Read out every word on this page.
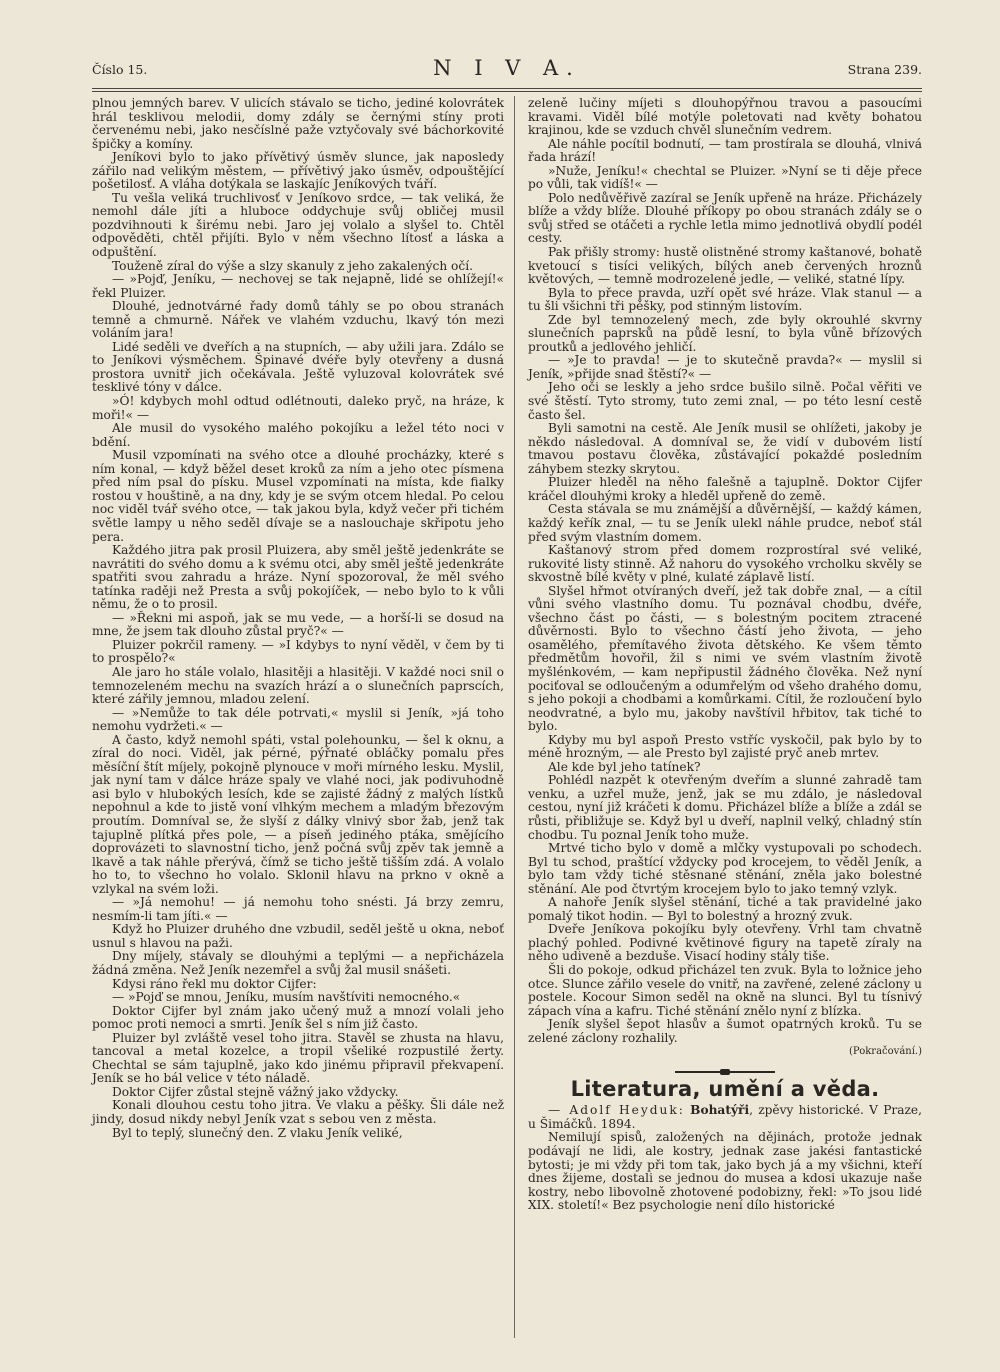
Číslo 15.	N I V A.	Strana 239.

plnou jemných barev. V ulicích stávalo se ticho, jediné kolovrátek hrál tesklivou melodii, domy zdály se černými stíny proti červenému nebi, jako nesčíslné paže vztyčovaly své báchorkovité špičky a komíny.

Jeníkovi bylo to jako přívětivý úsměv slunce, jak naposledy zářilo nad velikým městem, — přívětivý jako úsměv, odpouštějící pošetilosť. A vláha dotýkala se laskajíc Jeníkových tváří.

Tu vešla veliká truchlivosť v Jeníkovo srdce, — tak veliká, že nemohl dále jíti a hluboce oddychuje svůj obličej musil pozdvihnouti k širému nebi. Jaro jej volalo a slyšel to. Chtěl odpověděti, chtěl přijíti. Bylo v něm všechno lítosť a láska a odpuštění.

Touženě zíral do výše a slzy skanuly z jeho zakalených očí.

— »Pojď, Jeníku, — nechovej se tak nejapně, lidé se ohlížejí!« řekl Pluizer.

Dlouhé, jednotvárné řady domů táhly se po obou stranách temně a chmurně. Nářek ve vlahém vzduchu, lkavý tón mezi voláním jara!

Lidé seděli ve dveřích a na stupních, — aby užili jara. Zdálo se to Jeníkovi výsměchem. Špinavé dvéře byly otevřeny a dusná prostora uvnitř jich očekávala. Ještě vyluzoval kolovrátek své tesklivé tóny v dálce.

»Ó! kdybych mohl odtud odlétnouti, daleko pryč, na hráze, k moři!« —

Ale musil do vysokého malého pokojíku a ležel této noci v bdění.

Musil vzpomínati na svého otce a dlouhé procházky, které s ním konal, — když běžel deset kroků za ním a jeho otec písmena před ním psal do písku. Musel vzpomínati na místa, kde fialky rostou v houštině, a na dny, kdy je se svým otcem hledal. Po celou noc viděl tvář svého otce, — tak jakou byla, když večer při tichém světle lampy u něho seděl dívaje se a naslouchaje skřipotu jeho pera.

Každého jitra pak prosil Pluizera, aby směl ještě jedenkráte se navrátiti do svého domu a k svému otci, aby směl ještě jedenkráte spatřiti svou zahradu a hráze. Nyní spozoroval, že měl svého tatínka raději než Presta a svůj pokojíček, — nebo bylo to k vůli němu, že o to prosil.

— »Řekni mi aspoň, jak se mu vede, — a horší-li se dosud na mne, že jsem tak dlouho zůstal pryč?« —

Pluizer pokrčil rameny. — »I kdybys to nyní věděl, v čem by ti to prospělo?«

Ale jaro ho stále volalo, hlasitěji a hlasitěji. V každé noci snil o temnozeleném mechu na svazích hrází a o slunečních paprscích, které zářily jemnou, mladou zelení.

— »Nemůže to tak déle potrvati,« myslil si Jeník, »já toho nemohu vydržeti.« —

A často, když nemohl spáti, vstal polehounku, — šel k oknu, a zíral do noci. Viděl, jak pérné, pýřnaté obláčky pomalu přes měsíční štít míjely, pokojně plynouce v moři mírného lesku. Myslil, jak nyní tam v dálce hráze spaly ve vlahé noci, jak podivuhodně asi bylo v hlubokých lesích, kde se zajisté žádný z malých lístků nepohnul a kde to jistě voní vlhkým mechem a mladým březovým proutím. Domníval se, že slyší z dálky vlnivý sbor žab, jenž tak tajuplně plítká přes pole, — a píseň jediného ptáka, smějícího doprovázeti to slavnostní ticho, jenž počná svůj zpěv tak jemně a lkavě a tak náhle přerývá, čímž se ticho ještě tišším zdá. A volalo ho to, to všechno ho volalo. Sklonil hlavu na prkno v okně a vzlykal na svém loži.

— »Já nemohu! — já nemohu toho snésti. Já brzy zemru, nesmím-li tam jíti.« —

Když ho Pluizer druhého dne vzbudil, seděl ještě u okna, neboť usnul s hlavou na paži.

Dny míjely, stávaly se dlouhými a teplými — a nepřicházela žádná změna. Než Jeník nezemřel a svůj žal musil snášeti.

Kdysi ráno řekl mu doktor Cijfer:

— »Pojď se mnou, Jeníku, musím navštíviti nemocného.«

Doktor Cijfer byl znám jako učený muž a mnozí volali jeho pomoc proti nemoci a smrti. Jeník šel s ním již často.

Pluizer byl zvláště vesel toho jitra. Stavěl se zhusta na hlavu, tancoval a metal kozelce, a tropil všeliké rozpustilé žerty. Chechtal se sám tajuplně, jako kdo jinému připravil překvapení. Jeník se ho bál velice v této náladě.

Doktor Cijfer zůstal stejně vážný jako vždycky.

Konali dlouhou cestu toho jitra. Ve vlaku a pěšky. Šli dále než jindy, dosud nikdy nebyl Jeník vzat s sebou ven z města.

Byl to teplý, slunečný den. Z vlaku Jeník veliké,

zeleně lučiny míjeti s dlouhopýřnou travou a pasoucími kravami. Viděl bílé motýle poletovati nad květy bohatou krajinou, kde se vzduch chvěl slunečním vedrem.

Ale náhle pocítil bodnutí, — tam prostírala se dlouhá, vlnivá řada hrází!

»Nuže, Jeníku!« chechtal se Pluizer. »Nyní se ti děje přece po vůli, tak vidíš!« —

Polo nedůvěřivě zazíral se Jeník upřeně na hráze. Přicházely blíže a vždy blíže. Dlouhé příkopy po obou stranách zdály se o svůj střed se otáčeti a rychle letla mimo jednotlivá obydlí podél cesty.

Pak přišly stromy: hustě olistněné stromy kaštanové, bohatě kvetoucí s tisíci velikých, bílých aneb červených hroznů květových, — temně modrozelené jedle, — veliké, statné lípy.

Byla to přece pravda, uzří opět své hráze. Vlak stanul — a tu šli všichni tři pěšky, pod stinným listovím.

Zde byl temnozelený mech, zde byly okrouhlé skvrny slunečních paprsků na půdě lesní, to byla vůně břízových proutků a jedlového jehličí.

— »Je to pravda! — je to skutečně pravda?« — myslil si Jeník, »přijde snad štěstí?« —

Jeho oči se leskly a jeho srdce bušilo silně. Počal věřiti ve své štěstí. Tyto stromy, tuto zemi znal, — po této lesní cestě často šel.

Byli samotni na cestě. Ale Jeník musil se ohlížeti, jakoby je někdo následoval. A domníval se, že vidí v dubovém listí tmavou postavu člověka, zůstávající pokaždé posledním záhybem stezky skrytou.

Pluizer hleděl na něho falešně a tajuplně. Doktor Cijfer kráčel dlouhými kroky a hleděl upřeně do země.

Cesta stávala se mu známější a důvěrnější, — každý kámen, každý keřík znal, — tu se Jeník ulekl náhle prudce, neboť stál před svým vlastním domem.

Kaštanový strom před domem rozprostíral své veliké, rukovité listy stinně. Až nahoru do vysokého vrcholku skvěly se skvostně bílé květy v plné, kulaté záplavě listí.

Slyšel hřmot otvíraných dveří, jež tak dobře znal, — a cítil vůni svého vlastního domu. Tu poznával chodbu, dvéře, všechno část po části, — s bolestným pocitem ztracené důvěrnosti. Bylo to všechno částí jeho života, — jeho osamělého, přemítavého života dětského. Ke všem těmto předmětům hovořil, žil s nimi ve svém vlastním životě myšlénkovém, — kam nepřipustil žádného člověka. Než nyní pociťoval se odloučeným a odumřelým od všeho drahého domu, s jeho pokoji a chodbami a komůrkami. Cítil, že rozloučení bylo neodvratné, a bylo mu, jakoby navštívil hřbitov, tak tiché to bylo.

Kdyby mu byl aspoň Presto vstříc vyskočil, pak bylo by to méně hrozným, — ale Presto byl zajisté pryč aneb mrtev.

Ale kde byl jeho tatínek?

Pohlédl nazpět k otevřeným dveřím a slunné zahradě tam venku, a uzřel muže, jenž, jak se mu zdálo, je následoval cestou, nyní již kráčeti k domu. Přicházel blíže a blíže a zdál se růsti, přibližuje se. Když byl u dveří, naplnil velký, chladný stín chodbu. Tu poznal Jeník toho muže.

Mrtvé ticho bylo v domě a mlčky vystupovali po schodech. Byl tu schod, praštící vždycky pod krocejem, to věděl Jeník, a bylo tam vždy tiché stěsnané stěnání, zněla jako bolestné stěnání. Ale pod čtvrtým krocejem bylo to jako temný vzlyk.

A nahoře Jeník slyšel stěnání, tiché a tak pravidelné jako pomalý tikot hodin. — Byl to bolestný a hrozný zvuk.

Dveře Jeníkova pokojíku byly otevřeny. Vrhl tam chvatně plachý pohled. Podivné květinové figury na tapetě zíraly na něho udiveně a bezduše. Visací hodiny stály tiše.

Šli do pokoje, odkud přicházel ten zvuk. Byla to ložnice jeho otce. Slunce zářilo vesele do vnitř, na zavřené, zelené záclony u postele. Kocour Simon seděl na okně na slunci. Byl tu tísnivý zápach vína a kafru. Tiché stěnání znělo nyní z blízka.

Jeník slyšel šepot hlasův a šumot opatrných kroků. Tu se zelené záclony rozhalily.

(Pokračování.)
Literatura, umění a věda.

— Adolf Heyduk: Bohatýři, zpěvy historické. V Praze, u Šimáčků. 1894.

Nemilují spisů, založených na dějinách, protože jednak podávají ne lidi, ale kostry, jednak zase jakési fantastické bytosti; je mi vždy při tom tak, jako bych já a my všichni, kteří dnes žijeme, dostali se jednou do musea a kdosi ukazuje naše kostry, nebo libovolně zhotovené podobizny, řekl: »To jsou lidé XIX. století!« Bez psychologie není dílo historické
